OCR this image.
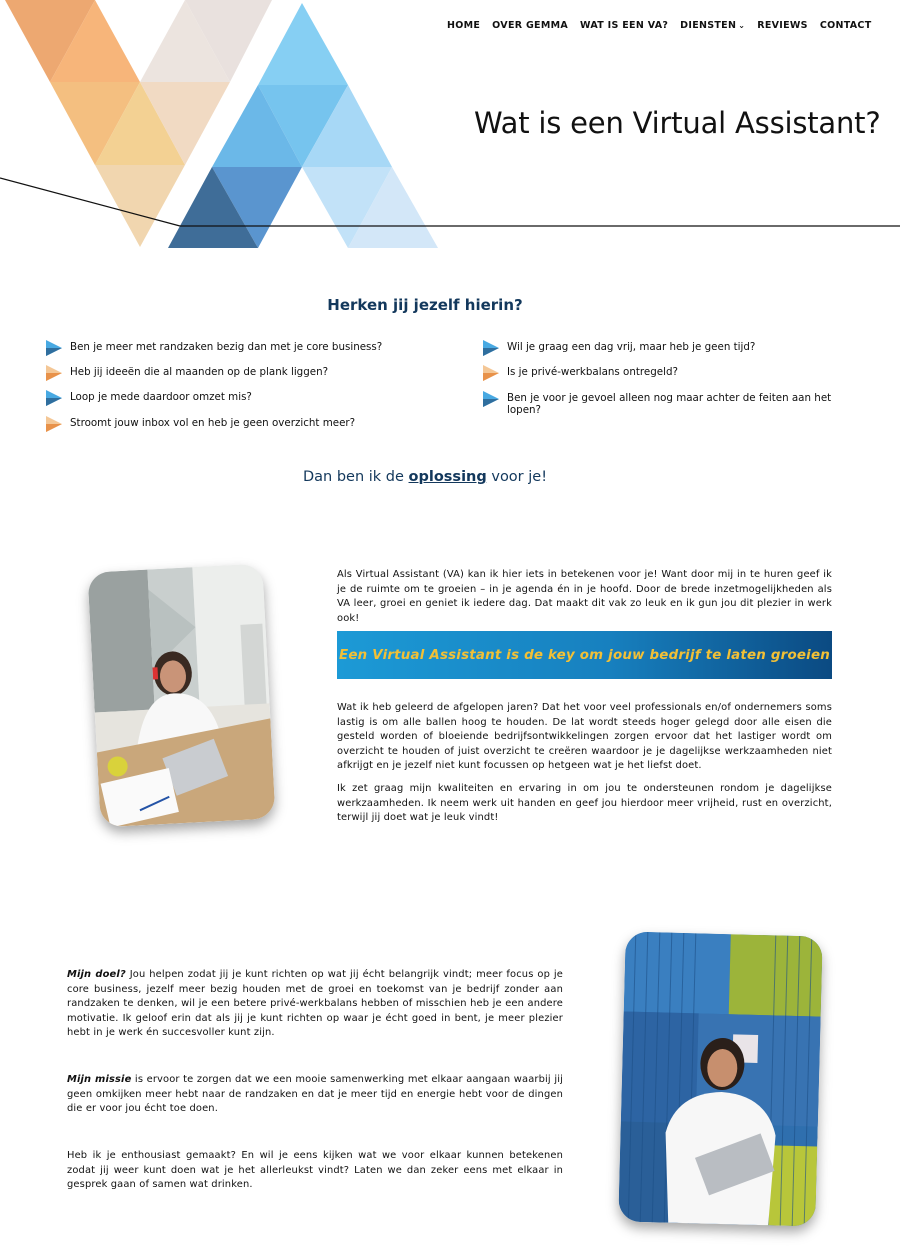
HOME OVER GEMMA WAT IS EEN VA? DIENSTEN ⌄ REVIEWS CONTACT
Wat is een Virtual Assistant?
Herken jij jezelf hierin?
Ben je meer met randzaken bezig dan met je core business?
Heb jij ideeën die al maanden op de plank liggen?
Loop je mede daardoor omzet mis?
Stroomt jouw inbox vol en heb je geen overzicht meer?
Wil je graag een dag vrij, maar heb je geen tijd?
Is je privé-werkbalans ontregeld?
Ben je voor je gevoel alleen nog maar achter de feiten aan het lopen?

Dan ben ik de oplossing voor je!

Als Virtual Assistant (VA) kan ik hier iets in betekenen voor je! Want door mij in te huren geef ik je de ruimte om te groeien – in je agenda én in je hoofd. Door de brede inzetmogelijkheden als VA leer, groei en geniet ik iedere dag. Dat maakt dit vak zo leuk en ik gun jou dit plezier in werk ook!

Een Virtual Assistant is de key om jouw bedrijf te laten groeien

Wat ik heb geleerd de afgelopen jaren? Dat het voor veel professionals en/of ondernemers soms lastig is om alle ballen hoog te houden. De lat wordt steeds hoger gelegd door alle eisen die gesteld worden of bloeiende bedrijfsontwikkelingen zorgen ervoor dat het lastiger wordt om overzicht te houden of juist overzicht te creëren waardoor je je dagelijkse werkzaamheden niet afkrijgt en je jezelf niet kunt focussen op hetgeen wat je het liefst doet.

Ik zet graag mijn kwaliteiten en ervaring in om jou te ondersteunen rondom je dagelijkse werkzaamheden. Ik neem werk uit handen en geef jou hierdoor meer vrijheid, rust en overzicht, terwijl jij doet wat je leuk vindt!

Mijn doel? Jou helpen zodat jij je kunt richten op wat jij écht belangrijk vindt; meer focus op je core business, jezelf meer bezig houden met de groei en toekomst van je bedrijf zonder aan randzaken te denken, wil je een betere privé-werkbalans hebben of misschien heb je een andere motivatie. Ik geloof erin dat als jij je kunt richten op waar je écht goed in bent, je meer plezier hebt in je werk én succesvoller kunt zijn.

Mijn missie is ervoor te zorgen dat we een mooie samenwerking met elkaar aangaan waarbij jij geen omkijken meer hebt naar de randzaken en dat je meer tijd en energie hebt voor de dingen die er voor jou écht toe doen.

Heb ik je enthousiast gemaakt? En wil je eens kijken wat we voor elkaar kunnen betekenen zodat jij weer kunt doen wat je het allerleukst vindt? Laten we dan zeker eens met elkaar in gesprek gaan of samen wat drinken.
